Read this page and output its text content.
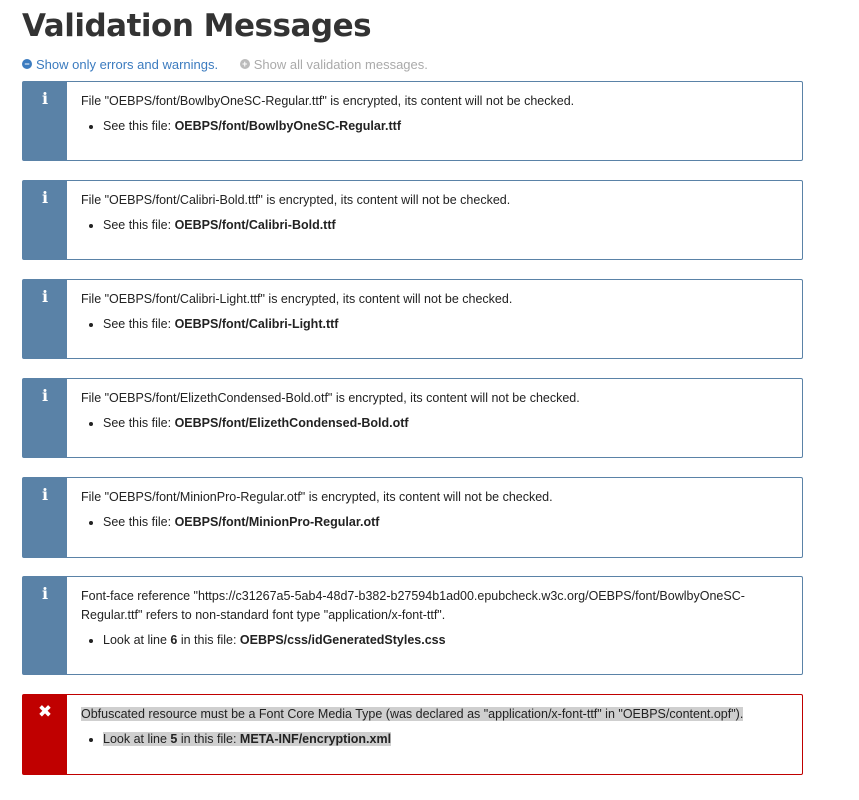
Validation Messages
− Show only errors and warnings.
	+ Show all validation messages.
i	File "OEBPS/font/BowlbyOneSC-Regular.ttf" is encrypted, its content will not be checked.

• See this file: OEBPS/font/BowlbyOneSC-Regular.ttf
i	File "OEBPS/font/Calibri-Bold.ttf" is encrypted, its content will not be checked.

• See this file: OEBPS/font/Calibri-Bold.ttf
i	File "OEBPS/font/Calibri-Light.ttf" is encrypted, its content will not be checked.

• See this file: OEBPS/font/Calibri-Light.ttf
i	File "OEBPS/font/ElizethCondensed-Bold.otf" is encrypted, its content will not be checked.

• See this file: OEBPS/font/ElizethCondensed-Bold.otf
i	File "OEBPS/font/MinionPro-Regular.otf" is encrypted, its content will not be checked.

• See this file: OEBPS/font/MinionPro-Regular.otf
i	Font-face reference "https://c31267a5-5ab4-48d7-b382-b27594b1ad00.epubcheck.w3c.org/OEBPS/font/BowlbyOneSC-Regular.ttf" refers to non-standard font type "application/x-font-ttf".

• Look at line 6 in this file: OEBPS/css/idGeneratedStyles.css
✖ Obfuscated resource must be a Font Core Media Type (was declared as "application/x-font-ttf" in "OEBPS/content.opf").

• Look at line 5 in this file: META-INF/encryption.xml
